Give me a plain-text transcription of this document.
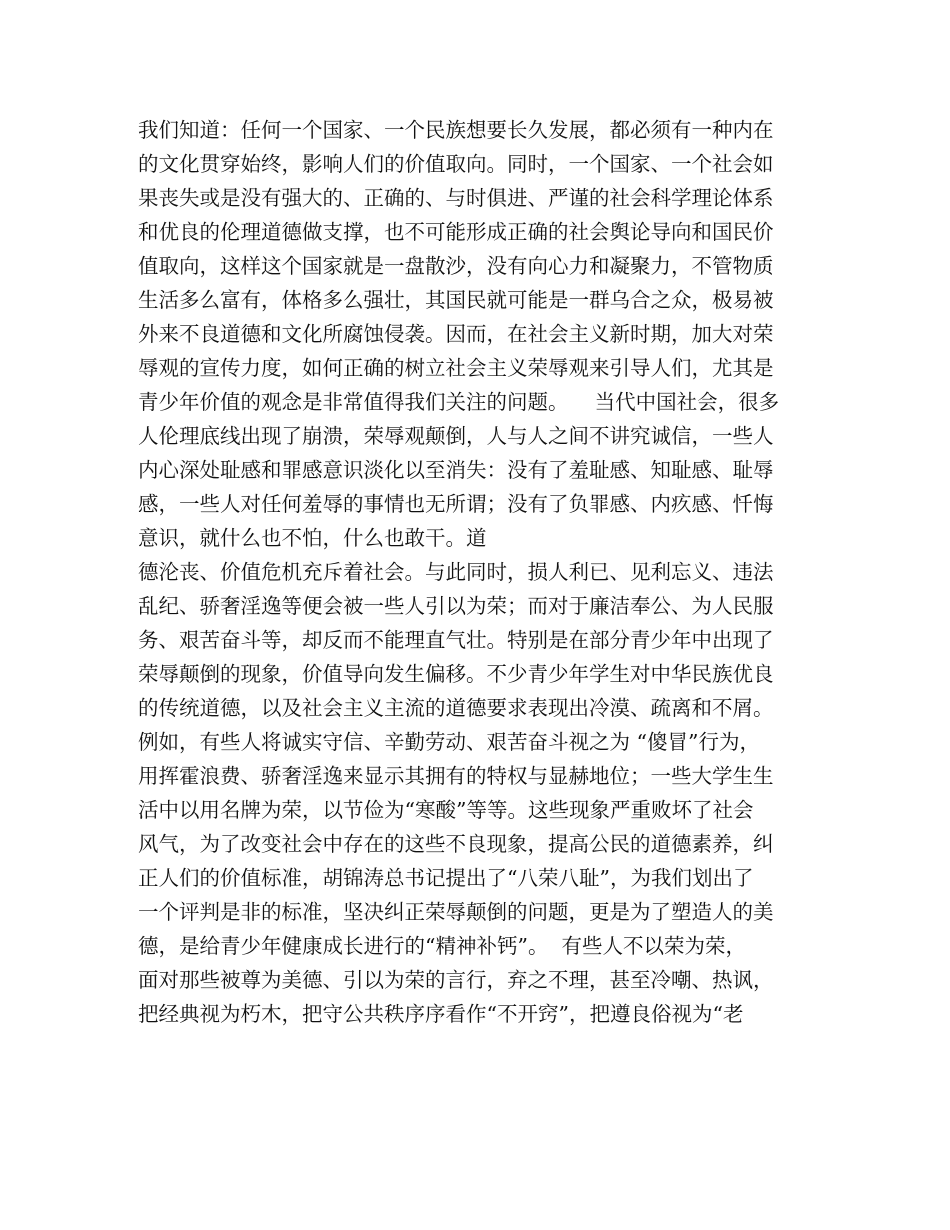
我们知道：任何一个国家、一个民族想要长久发展，都必须有一种内在
的文化贯穿始终，影响人们的价值取向。同时，一个国家、一个社会如
果丧失或是没有强大的、正确的、与时俱进、严谨的社会科学理论体系
和优良的伦理道德做支撑，也不可能形成正确的社会舆论导向和国民价
值取向，这样这个国家就是一盘散沙，没有向心力和凝聚力，不管物质
生活多么富有，体格多么强壮，其国民就可能是一群乌合之众，极易被
外来不良道德和文化所腐蚀侵袭。因而，在社会主义新时期，加大对荣
辱观的宣传力度，如何正确的树立社会主义荣辱观来引导人们，尤其是
青少年价值的观念是非常值得我们关注的问题。    当代中国社会，很多
人伦理底线出现了崩溃，荣辱观颠倒，人与人之间不讲究诚信，一些人
内心深处耻感和罪感意识淡化以至消失：没有了羞耻感、知耻感、耻辱
感，一些人对任何羞辱的事情也无所谓；没有了负罪感、内疚感、忏悔
意识，就什么也不怕，什么也敢干。道
德沦丧、价值危机充斥着社会。与此同时，损人利已、见利忘义、违法
乱纪、骄奢淫逸等便会被一些人引以为荣；而对于廉洁奉公、为人民服
务、艰苦奋斗等，却反而不能理直气壮。特别是在部分青少年中出现了
荣辱颠倒的现象，价值导向发生偏移。不少青少年学生对中华民族优良
的传统道德，以及社会主义主流的道德要求表现出冷漠、疏离和不屑。
例如，有些人将诚实守信、辛勤劳动、艰苦奋斗视之为 “傻冒”行为，
用挥霍浪费、骄奢淫逸来显示其拥有的特权与显赫地位；一些大学生生
活中以用名牌为荣，以节俭为“寒酸”等等。这些现象严重败坏了社会
风气，为了改变社会中存在的这些不良现象，提高公民的道德素养，纠
正人们的价值标准，胡锦涛总书记提出了“八荣八耻”，为我们划出了
一个评判是非的标准，坚决纠正荣辱颠倒的问题，更是为了塑造人的美
德，是给青少年健康成长进行的“精神补钙”。  有些人不以荣为荣，
面对那些被尊为美德、引以为荣的言行，弃之不理，甚至冷嘲、热讽，
把经典视为朽木，把守公共秩序序看作“不开窍”，把遵良俗视为“老
